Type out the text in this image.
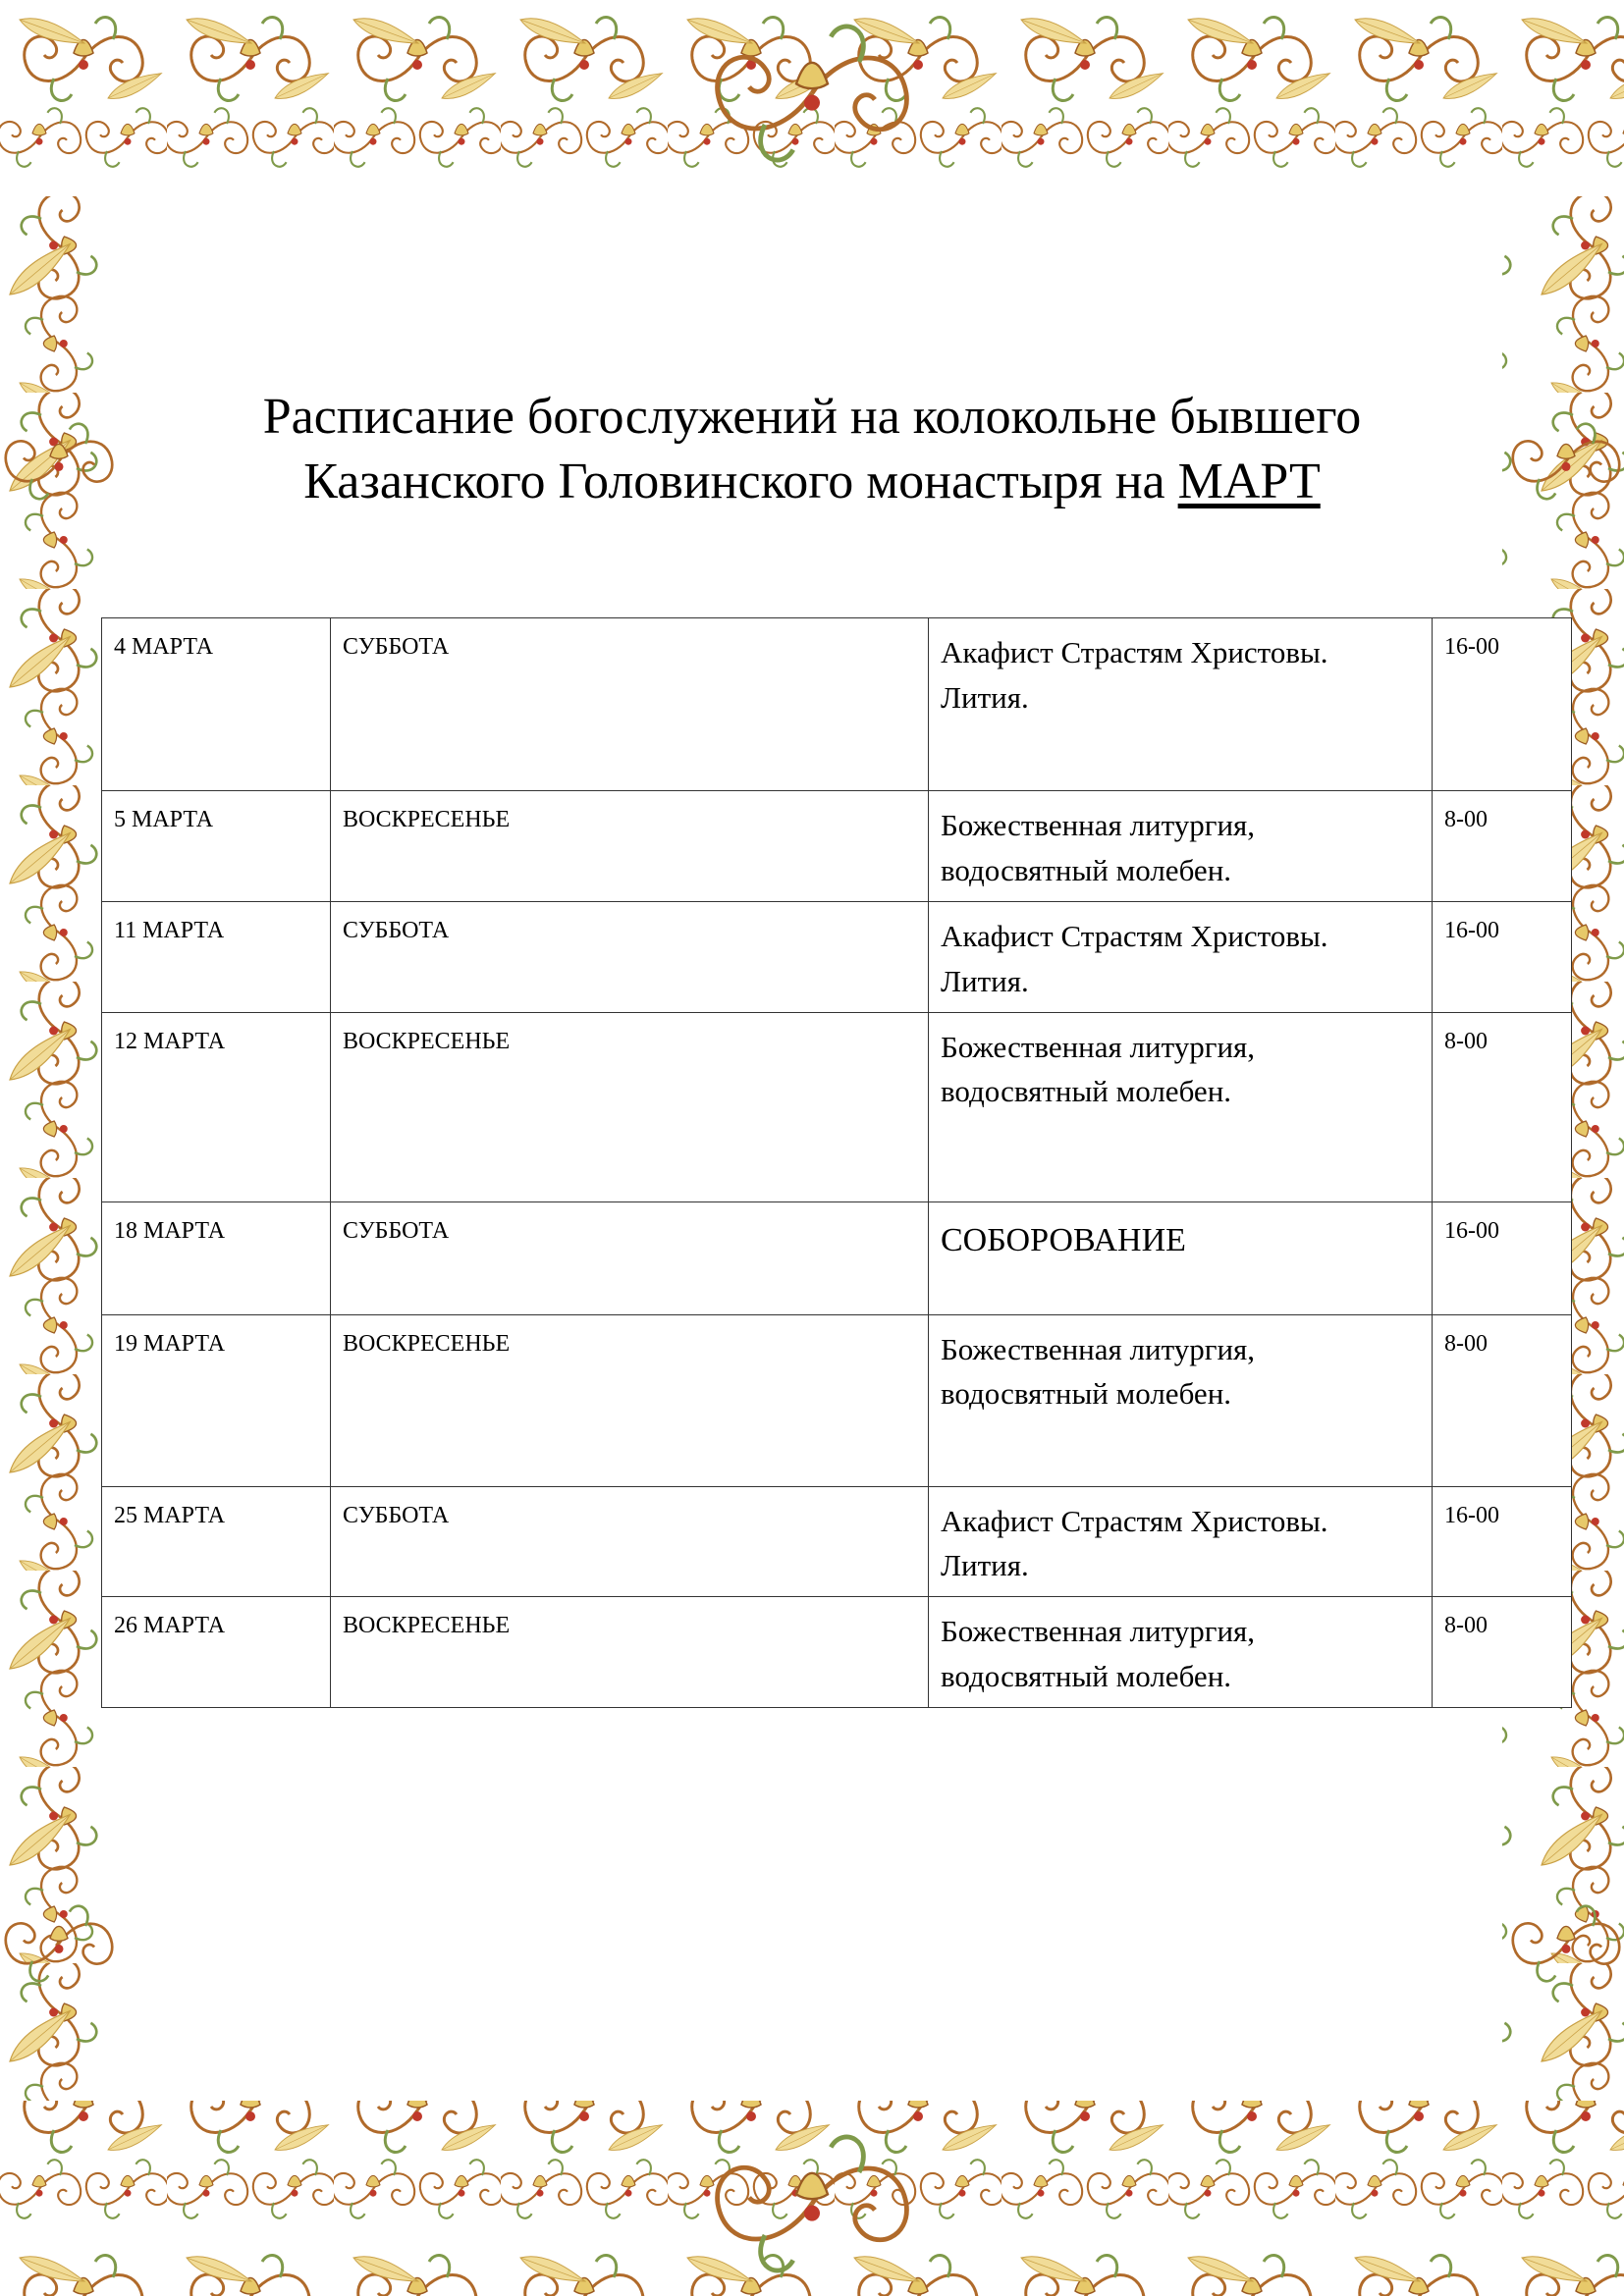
Расписание богослужений на колокольне бывшего
Казанского Головинского монастыря на МАРТ
4 МАРТА	СУББОТА	Акафист Страстям Христовы. Лития.	16-00
5 МАРТА	ВОСКРЕСЕНЬЕ	Божественная литургия, водосвятный молебен.	8-00
11 МАРТА	СУББОТА	Акафист Страстям Христовы. Лития.	16-00
12 МАРТА	ВОСКРЕСЕНЬЕ	Божественная литургия, водосвятный молебен.	8-00
18 МАРТА	СУББОТА	СОБОРОВАНИЕ	16-00
19 МАРТА	ВОСКРЕСЕНЬЕ	Божественная литургия, водосвятный молебен.	8-00
25 МАРТА	СУББОТА	Акафист Страстям Христовы. Лития.	16-00
26 МАРТА	ВОСКРЕСЕНЬЕ	Божественная литургия, водосвятный молебен.	8-00
